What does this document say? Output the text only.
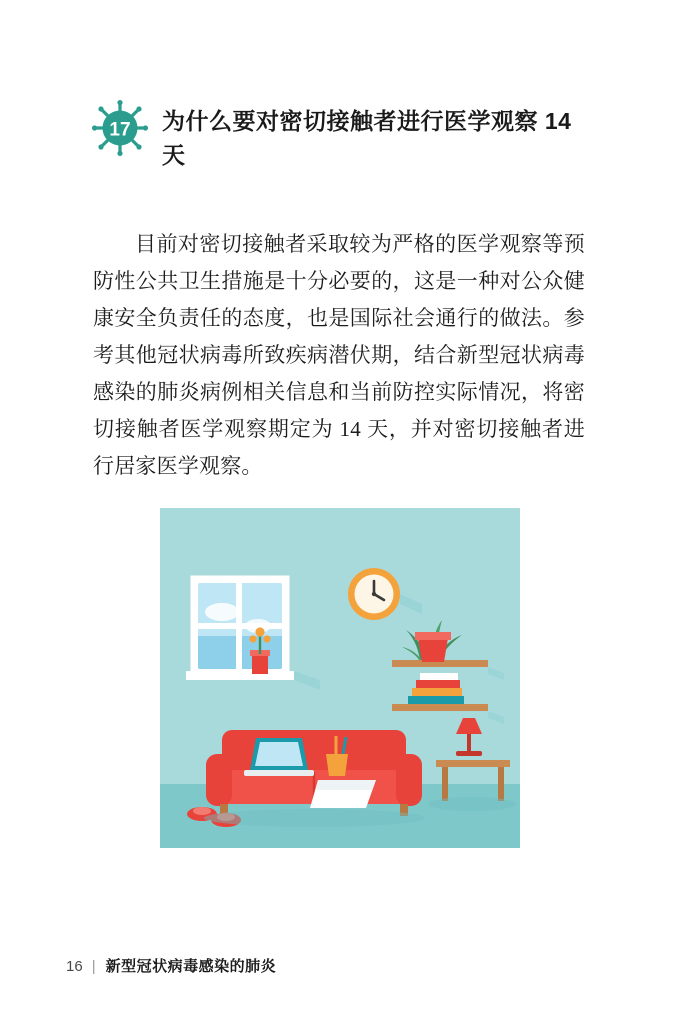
17 为什么要对密切接触者进行医学观察 14 天

目前对密切接触者采取较为严格的医学观察等预防性公共卫生措施是十分必要的，这是一种对公众健康安全负责任的态度，也是国际社会通行的做法。参考其他冠状病毒所致疾病潜伏期，结合新型冠状病毒感染的肺炎病例相关信息和当前防控实际情况，将密切接触者医学观察期定为 14 天，并对密切接触者进行居家医学观察。

16 | 新型冠状病毒感染的肺炎
